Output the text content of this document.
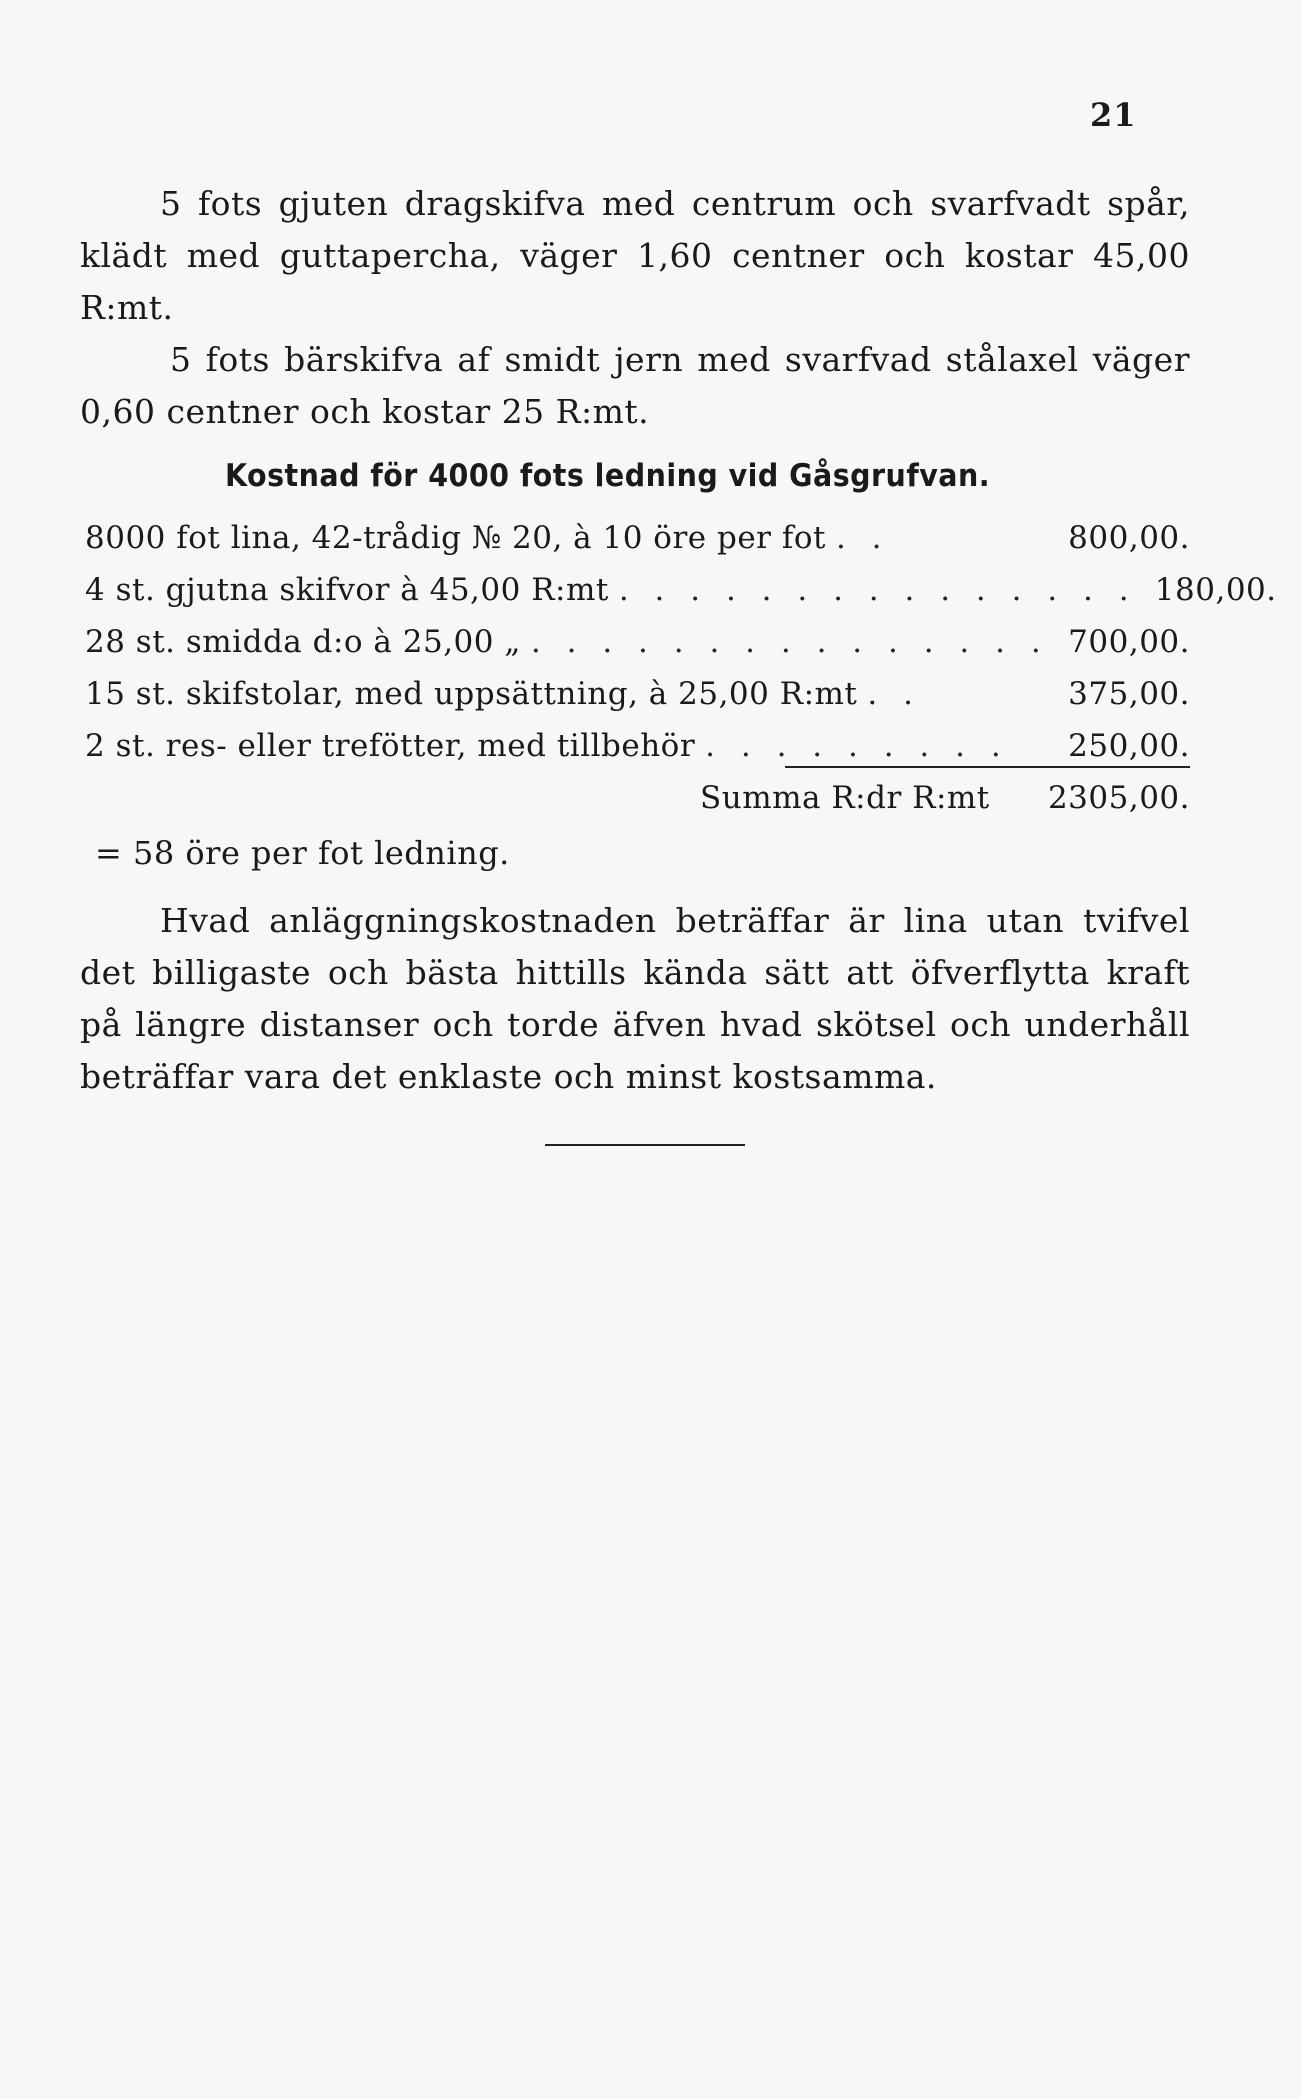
21

5 fots gjuten dragskifva med centrum och svarfvadt spår, klädt med guttapercha, väger 1,60 centner och kostar 45,00 R:mt.

5 fots bärskifva af smidt jern med svarfvad stålaxel väger 0,60 centner och kostar 25 R:mt.

Kostnad för 4000 fots ledning vid Gåsgrufvan.
8000 fot lina, 42-trådig № 20, à 10 öre per fot . .	800,00.
4 st. gjutna skifvor à 45,00 R:mt . . . . . . . . . . . . . . . 180,00.
28 st. smidda d:o à 25,00 „ . . . . . . . . . . . . . . . 700,00.
15 st. skifstolar, med uppsättning, à 25,00 R:mt . .	375,00.
2 st. res- eller trefötter, med tillbehör . . . . . . . . .	250,00.
Summa R:dr R:mt 2305,00.
= 58 öre per fot ledning.

Hvad anläggningskostnaden beträffar är lina utan tvifvel det billigaste och bästa hittills kända sätt att öfverflytta kraft på längre distanser och torde äfven hvad skötsel och underhåll beträffar vara det enklaste och minst kostsamma.
